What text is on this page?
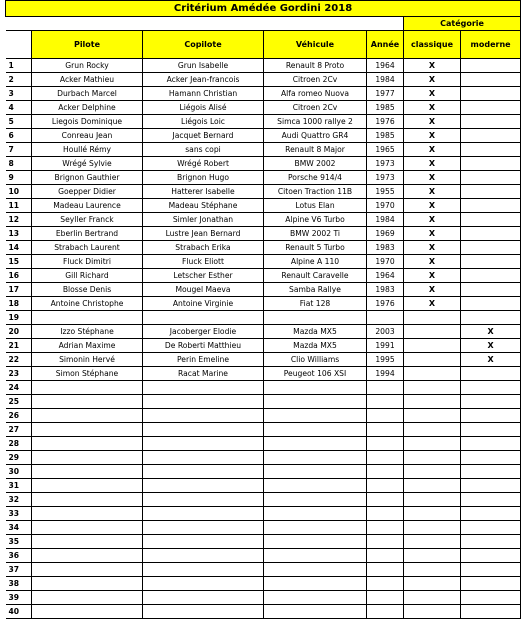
Critérium Amédée Gordini 2018						
					Catégorie	
	Pilote	Copilote	Véhicule	Année	classique	moderne
1	Grun Rocky	Grun Isabelle	Renault 8 Proto	1964	X	
2	Acker Mathieu	Acker Jean-francois	Citroen 2Cv	1984	X	
3	Durbach Marcel	Hamann Christian	Alfa romeo Nuova	1977	X	
4	Acker Delphine	Liégois Alisé	Citroen 2Cv	1985	X	
5	Liegois Dominique	Liégois Loic	Simca 1000 rallye 2	1976	X	
6	Conreau Jean	Jacquet Bernard	Audi Quattro GR4	1985	X	
7	Houllé Rémy	sans copi	Renault 8 Major	1965	X	
8	Wrégé Sylvie	Wrégé Robert	BMW 2002	1973	X	
9	Brignon Gauthier	Brignon Hugo	Porsche 914/4	1973	X	
10	Goepper Didier	Hatterer Isabelle	Citoen Traction 11B	1955	X	
11	Madeau Laurence	Madeau Stéphane	Lotus Elan	1970	X	
12	Seyller Franck	Simler Jonathan	Alpine V6 Turbo	1984	X	
13	Eberlin Bertrand	Lustre Jean Bernard	BMW 2002 Ti	1969	X	
14	Strabach Laurent	Strabach Erika	Renault 5 Turbo	1983	X	
15	Fluck Dimitri	Fluck Eliott	Alpine A 110	1970	X	
16	Gill Richard	Letscher Esther	Renault Caravelle	1964	X	
17	Blosse Denis	Mougel Maeva	Samba Rallye	1983	X	
18	Antoine Christophe	Antoine Virginie	Fiat 128	1976	X	
19						
20	Izzo Stéphane	Jacoberger Elodie	Mazda MX5	2003		X
21	Adrian Maxime	De Roberti Matthieu	Mazda MX5	1991		X
22	Simonin Hervé	Perin Emeline	Clio Williams	1995		X
23	Simon Stéphane	Racat Marine	Peugeot 106 XSI	1994		
24						
25						
26						
27						
28						
29						
30						
31						
32						
33						
34						
35						
36						
37						
38						
39						
40						
